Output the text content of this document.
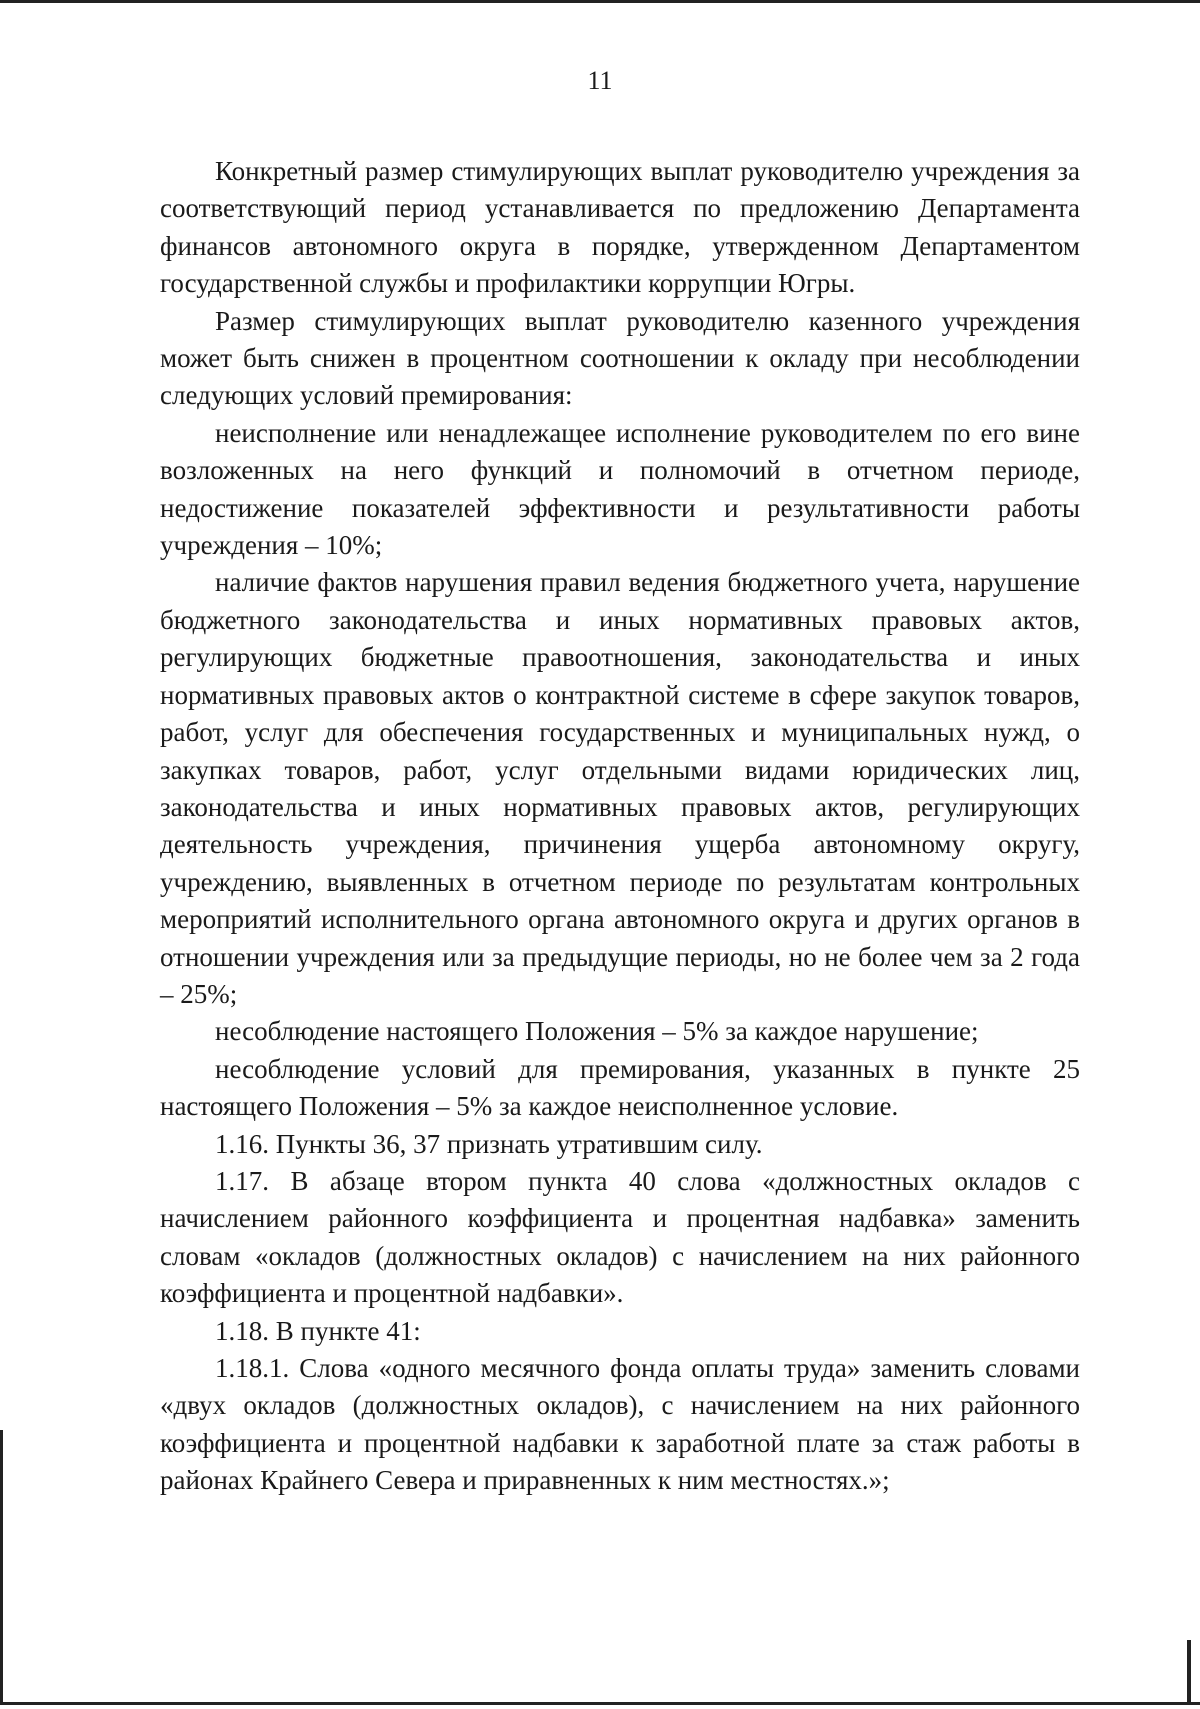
11

Конкретный размер стимулирующих выплат руководителю учреждения за соответствующий период устанавливается по предложению Департамента финансов автономного округа в порядке, утвержденном Департаментом государственной службы и профилактики коррупции Югры.

Размер стимулирующих выплат руководителю казенного учреждения может быть снижен в процентном соотношении к окладу при несоблюдении следующих условий премирования:

неисполнение или ненадлежащее исполнение руководителем по его вине возложенных на него функций и полномочий в отчетном периоде, недостижение показателей эффективности и результативности работы учреждения – 10%;

наличие фактов нарушения правил ведения бюджетного учета, нарушение бюджетного законодательства и иных нормативных правовых актов, регулирующих бюджетные правоотношения, законодательства и иных нормативных правовых актов о контрактной системе в сфере закупок товаров, работ, услуг для обеспечения государственных и муниципальных нужд, о закупках товаров, работ, услуг отдельными видами юридических лиц, законодательства и иных нормативных правовых актов, регулирующих деятельность учреждения, причинения ущерба автономному округу, учреждению, выявленных в отчетном периоде по результатам контрольных мероприятий исполнительного органа автономного округа и других органов в отношении учреждения или за предыдущие периоды, но не более чем за 2 года – 25%;

несоблюдение настоящего Положения – 5% за каждое нарушение;

несоблюдение условий для премирования, указанных в пункте 25 настоящего Положения – 5% за каждое неисполненное условие.

1.16. Пункты 36, 37 признать утратившим силу.

1.17. В абзаце втором пункта 40 слова «должностных окладов с начислением районного коэффициента и процентная надбавка» заменить словам «окладов (должностных окладов) с начислением на них районного коэффициента и процентной надбавки».

1.18. В пункте 41:

1.18.1. Слова «одного месячного фонда оплаты труда» заменить словами «двух окладов (должностных окладов), с начислением на них районного коэффициента и процентной надбавки к заработной плате за стаж работы в районах Крайнего Севера и приравненных к ним местностях.»;
